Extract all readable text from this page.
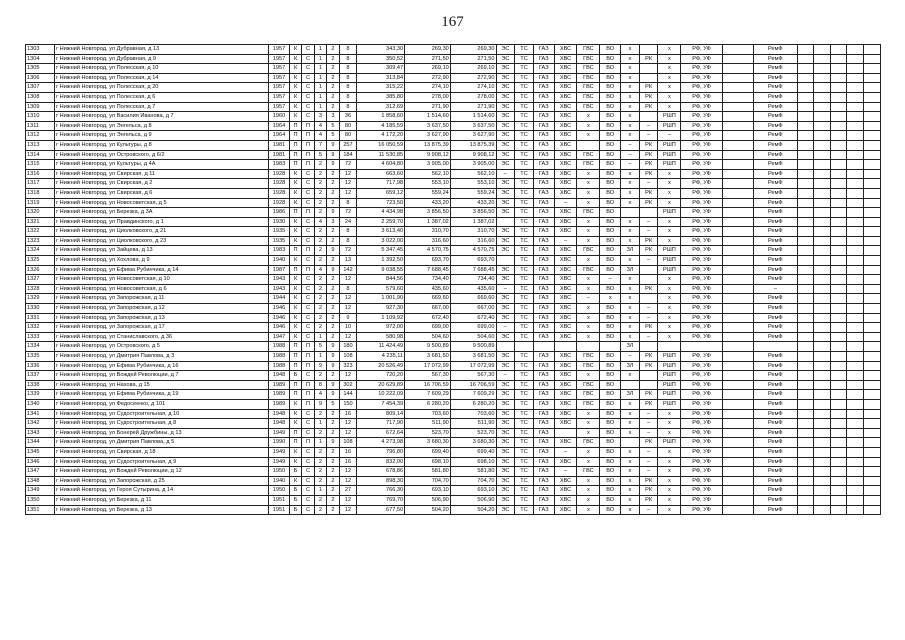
167
1303	г Нижний Новгород, ул Дубравная, д 13	1957	К	С	1	2	8	343,30	269,30	269,30	ЭС	ТС	ГАЗ	ХВС	ГВС	ВО	х		х	РФ, УФ		РемФ					
1304	г Нижний Новгород, ул Дубравная, д 9	1957	К	С	1	2	8	350,52	271,50	271,50	ЭС	ТС	ГАЗ	ХВС	ГВС	ВО	х	РК	х	РФ, УФ		РемФ					
1305	г Нижний Новгород, ул Полесская, д 10	1957	К	С	1	2	8	309,47	269,10	269,10	ЭС	ТС	ГАЗ	ХВС	ГВС	ВО	х		х	РФ, УФ		РемФ					
1306	г Нижний Новгород, ул Полесская, д 14	1957	К	С	1	2	8	313,84	272,90	272,90	ЭС	ТС	ГАЗ	ХВС	ГВС	ВО	х		х	РФ, УФ		РемФ					
1307	г Нижний Новгород, ул Полесская, д 20	1957	К	С	1	2	8	315,22	274,10	274,10	ЭС	ТС	ГАЗ	ХВС	ГВС	ВО	х	РК	х	РФ, УФ		РемФ					
1308	г Нижний Новгород, ул Полесская, д 6	1957	К	С	1	2	8	385,80	278,00	278,00	ЭС	ТС	ГАЗ	ХВС	ГВС	ВО	х	РК	х	РФ, УФ		РемФ					
1309	г Нижний Новгород, ул Полесская, д 7	1957	К	С	1	2	8	312,69	271,90	271,90	ЭС	ТС	ГАЗ	ХВС	ГВС	ВО	х	РК	х	РФ, УФ		РемФ					
1310	г Нижний Новгород, ул Василия Иванова, д 7	1960	К	С	3	3	36	1 858,60	1 514,60	1 514,60	ЭС	ТС	ГАЗ	ХВС	х	ВО	х		РШП	РФ, УФ		РемФ					
1311	г Нижний Новгород, ул Энгельса, д 8	1964	П	П	4	5	80	4 185,59	3 637,50	3 637,50	ЭС	ТС	ГАЗ	ХВС	х	ВО	х	–	РШП	РФ, УФ		РемФ					
1312	г Нижний Новгород, ул Энгельса, д 9	1964	П	П	4	5	80	4 172,20	3 627,90	3 627,90	ЭС	ТС	ГАЗ	ХВС	х	ВО	х	–	–	РФ, УФ		РемФ					
1313	г Нижний Новгород, ул Культуры, д 8	1981	П	П	7	9	257	16 050,59	13 875,39	13 875,39	ЭС	ТС	ГАЗ	ХВС		ВО	–	РК	РШП	РФ, УФ		РемФ					
1314	г Нижний Новгород, ул Островского, д 6/2	1981	П	П	5	9	184	11 530,85	9 908,12	9 908,12	ЭС	ТС	ГАЗ	ХВС	ГВС	ВО	–	РК	РШП	РФ, УФ		РемФ					
1315	г Нижний Новгород, ул Культуры, д 4А	1983	П	П	2	9	72	4 604,80	3 905,00	3 905,00	ЭС	ТС	ГАЗ	ХВС	ГВС	ВО	–	РК	РШП	РФ, УФ		РемФ					
1316	г Нижний Новгород, ул Свирская, д 11	1928	К	С	2	2	12	663,60	562,10	562,10	–	ТС	ГАЗ	ХВС	х	ВО	х	РК	х	РФ, УФ		РемФ					
1317	г Нижний Новгород, ул Свирская, д 2	1928	К	С	2	2	12	717,98	553,10	553,10	ЭС	ТС	ГАЗ	ХВС	х	ВО	х	–	х	РФ, УФ		РемФ					
1318	г Нижний Новгород, ул Свирская, д 6	1928	К	С	2	2	12	659,12	559,24	559,24	ЭС	ТС	ГАЗ	ХВС	х	ВО	х	РК	х	РФ, УФ		РемФ					
1319	г Нижний Новгород, ул Новосоветская, д 5	1928	К	С	2	2	8	723,50	433,20	433,20	ЭС	ТС	ГАЗ	–	х	ВО	х	РК	х	РФ, УФ		РемФ					
1320	г Нижний Новгород, ул Березка, д 3А	1986	П	П	2	9	72	4 434,98	3 856,50	3 856,50	ЭС	ТС	ГАЗ	ХВС	ГВС	ВО			РШП	РФ, УФ		РемФ					
1321	г Нижний Новгород, ул Правдинского, д 1	1930	К	С	4	3	24	2 259,70	1 387,02	1 387,02		ТС	ГАЗ	ХВС	х	ВО	х	–	х	РФ, УФ		РемФ					
1322	г Нижний Новгород, ул Циолковского, д 21	1935	К	С	2	2	8	3 613,40	310,70	310,70	ЭС	ТС	ГАЗ	ХВС	х	ВО	х	–	х	РФ, УФ		РемФ					
1323	г Нижний Новгород, ул Циолковского, д 23	1935	К	С	2	2	8	3 022,00	316,60	316,60	ЭС	ТС	ГАЗ	–	х	ВО	х	РК	х	РФ, УФ		РемФ					
1324	г Нижний Новгород, ул Зайцева, д 13	1983	П	П	2	9	72	5 347,45	4 570,75	4 570,75	ЭС	ТС	ГАЗ	ХВС	ГВС	ВО	ЗЛ	РК	РШП	РФ, УФ		РемФ					
1325	г Нижний Новгород, ул Хохлова, д 9	1940	К	С	2	2	13	1 392,50	693,70	693,70		ТС	ГАЗ	ХВС	х	ВО	х	–	РШП	РФ, УФ		РемФ					
1326	г Нижний Новгород, ул Ефима Рубинчика, д 14	1987	П	П	4	9	142	9 038,55	7 688,45	7 688,45	ЭС	ТС	ГАЗ	ХВС	ГВС	ВО	ЗЛ		РШП	РФ, УФ		РемФ					
1327	г Нижний Новгород, ул Новосоветская, д 10	1943	К	С	2	2	12	844,56	734,40	734,40	ЭС	ТС	ГАЗ	ХВС	х	–	х		х	РФ, УФ		РемФ					
1328	г Нижний Новгород, ул Новосоветская, д 6	1943	К	С	2	2	8	579,60	435,60	435,60	–	ТС	ГАЗ	ХВС	х	ВО	х	РК	х	РФ, УФ		–					
1329	г Нижний Новгород, ул Запорожская, д 11	1944	К	С	2	2	12	1 001,90	669,60	669,60	ЭС	ТС	ГАЗ	ХВС	–	х	х		х	РФ, УФ		РемФ					
1330	г Нижний Новгород, ул Запорожская, д 12	1946	К	С	2	2	12	927,30	667,00	667,00	ЭС	ТС	ГАЗ	ХВС	х	ВО	х	–	х	РФ, УФ		РемФ					
1331	г Нижний Новгород, ул Запорожская, д 13	1946	К	С	2	2	9	1 109,92	672,40	672,40	ЭС	ТС	ГАЗ	ХВС	х	ВО	х	–	х	РФ, УФ		РемФ					
1332	г Нижний Новгород, ул Запорожская, д 17	1946	К	С	2	2	10	972,00	699,00	699,00	–	ТС	ГАЗ	ХВС	х	ВО	х	РК	х	РФ, УФ		РемФ					
1333	г Нижний Новгород, ул Станиславского, д 36	1947	К	С	1	2	12	580,98	504,60	504,60	ЭС	ТС	ГАЗ	ХВС	х	ВО	х	–	х	РФ, УФ		РемФ					
1334	г Нижний Новгород, ул Островского, д 5	1988	П	П	5	9	180	11 424,49	9 500,89	9 500,89							ЗЛ										
1335	г Нижний Новгород, ул Дмитрия Павлова, д 3	1988	П	П	1	9	108	4 235,11	3 681,50	3 681,50	ЭС	ТС	ГАЗ	ХВС	ГВС	ВО	–	РК	РШП	РФ, УФ		РемФ					
1336	г Нижний Новгород, ул Ефима Рубинчика, д 16	1988	П	П	9	9	323	20 526,49	17 072,99	17 072,99	ЭС	ТС	ГАЗ	ХВС	ГВС	ВО	ЗЛ	РК	РШП	РФ, УФ		РемФ					
1337	г Нижний Новгород, ул Вождей Революции, д 7	1948	Б	С	2	2	12	720,20	567,30	567,30	–	ТС	ГАЗ	ХВС	х	ВО	х		РШП	РФ, УФ		РемФ					
1338	г Нижний Новгород, ул Нахова, д 15	1989	П	П	8	9	302	20 629,89	16 706,59	16 706,59	ЭС	ТС	ГАЗ	ХВС	ГВС	ВО			РШП	РФ, УФ		РемФ					
1339	г Нижний Новгород, ул Ефима Рубинчика, д 19	1989	П	П	4	9	144	10 222,09	7 609,29	7 609,29	ЭС	ТС	ГАЗ	ХВС	ГВС	ВО	ЗЛ	РК	РШП	РФ, УФ		РемФ					
1340	г Нижний Новгород, ул Федосеенко, д 101	1989	К	П	9	5	150	7 454,39	6 280,20	6 280,20	ЭС	ТС	ГАЗ	ХВС	ГВС	ВО	х	РК	РШП	РФ, УФ		РемФ					
1341	г Нижний Новгород, ул Судостроительная, д 10	1948	К	С	2	2	16	809,14	703,60	703,60	ЭС	ТС	ГАЗ	ХВС	х	ВО	х	–	х	РФ, УФ		РемФ					
1342	г Нижний Новгород, ул Судостроительная, д 8	1948	К	С	1	2	12	717,90	511,90	511,90	ЭС	ТС	ГАЗ	ХВС	х	ВО	х	–	х	РФ, УФ		РемФ					
1343	г Нижний Новгород, ул Бонерей Дружбины, д 13	1949	П	С	2	2	12	672,64	523,70	523,70	ЭС	ТС	ГАЗ		х	ВО	х	–	х	РФ, УФ		РемФ					
1344	г Нижний Новгород, ул Дмитрия Павлова, д 5	1990	П	П	1	9	108	4 273,98	3 680,30	3 680,30	ЭС	ТС	ГАЗ	ХВС	ГВС	ВО		РК	РШП	РФ, УФ		РемФ					
1345	г Нижний Новгород, ул Свирская, д 18	1949	К	С	2	2	16	796,80	699,40	699,40	ЭС	ТС	ГАЗ	–	х	ВО	х	–	х	РФ, УФ		РемФ					
1346	г Нижний Новгород, ул Судостроительная, д 9	1949	К	С	2	2	16	832,00	698,10	698,10	ЭС	ТС	ГАЗ	ХВС	х	ВО	х	–	х	РФ, УФ		РемФ					
1347	г Нижний Новгород, ул Вождей Революции, д 12	1950	Б	С	2	2	12	678,86	581,80	581,80	ЭС	ТС	ГАЗ	–	ГВС	ВО	х	–	х	РФ, УФ		РемФ					
1348	г Нижний Новгород, ул Запорожская, д 25	1940	К	С	2	2	12	898,30	704,70	704,70	ЭС	ТС	ГАЗ	ХВС	х	ВО	х	РК	х	РФ, УФ		РемФ					
1349	г Нижний Новгород, ул Героя Сутырина, д 14	1950	Б	С	1	2	27	766,30	693,10	693,10	ЭС	ТС	ГАЗ	ХВС	х	ВО	х	РК	х	РФ, УФ		РемФ					
1350	г Нижний Новгород, ул Березка, д 11	1951	Б	С	2	2	12	769,70	506,90	506,90	ЭС	ТС	ГАЗ	ХВС	х	ВО	х	РК	х	РФ, УФ		РемФ					
1351	г Нижний Новгород, ул Березка, д 13	1951	Б	С	2	2	12	677,50	504,20	504,20	ЭС	ТС	ГАЗ	ХВС	х	ВО	х	–	х	РФ, УФ		РемФ					
